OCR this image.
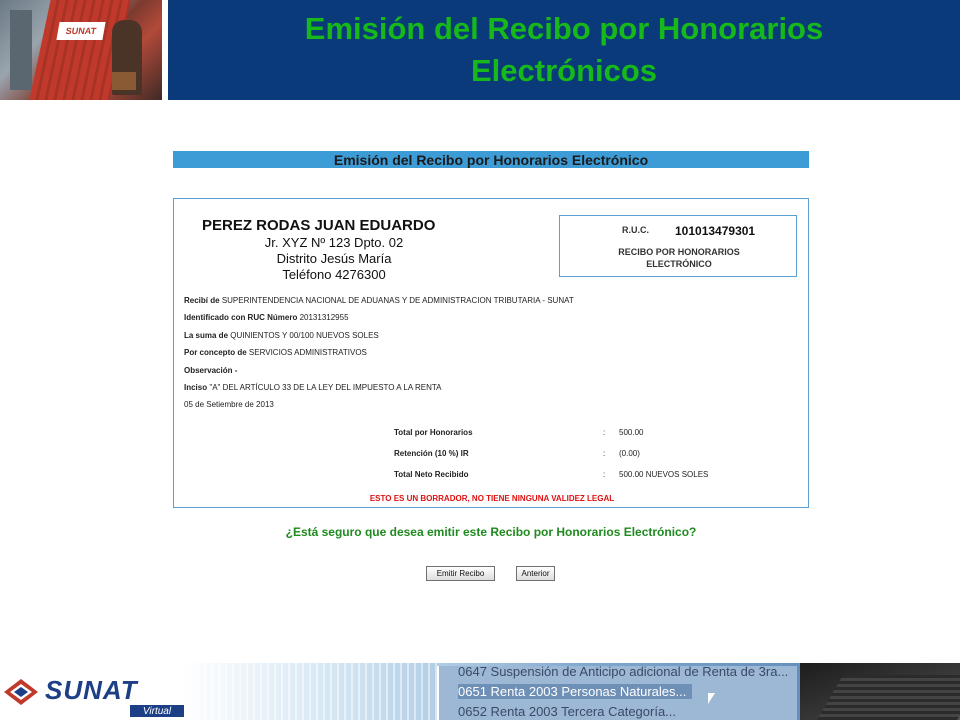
SUNAT	Emisión del Recibo por Honorarios Electrónicos
Emisión del Recibo por Honorarios Electrónico
PEREZ RODAS JUAN EDUARDO
Jr. XYZ Nº 123 Dpto. 02
Distrito Jesús María
Teléfono 4276300
R.U.C. 101013479301
RECIBO POR HONORARIOS
ELECTRÓNICO
Recibí de SUPERINTENDENCIA NACIONAL DE ADUANAS Y DE ADMINISTRACION TRIBUTARIA - SUNAT
Identificado con RUC Número 20131312955
La suma de QUINIENTOS Y 00/100 NUEVOS SOLES
Por concepto de SERVICIOS ADMINISTRATIVOS
Observación -
Inciso "A" DEL ARTÍCULO 33 DE LA LEY DEL IMPUESTO A LA RENTA
05 de Setiembre de 2013
Total por Honorarios	: 500.00
Retención (10 %) IR	: (0.00)
Total Neto Recibido	: 500.00 NUEVOS SOLES
ESTO ES UN BORRADOR, NO TIENE NINGUNA VALIDEZ LEGAL
¿Está seguro que desea emitir este Recibo por Honorarios Electrónico?
Emitir Recibo	Anterior
0647 Suspensión de Anticipo adicional de Renta de 3ra...
0651 Renta 2003 Personas Naturales...
0652 Renta 2003 Tercera Categoría...
SUNAT
Virtual
